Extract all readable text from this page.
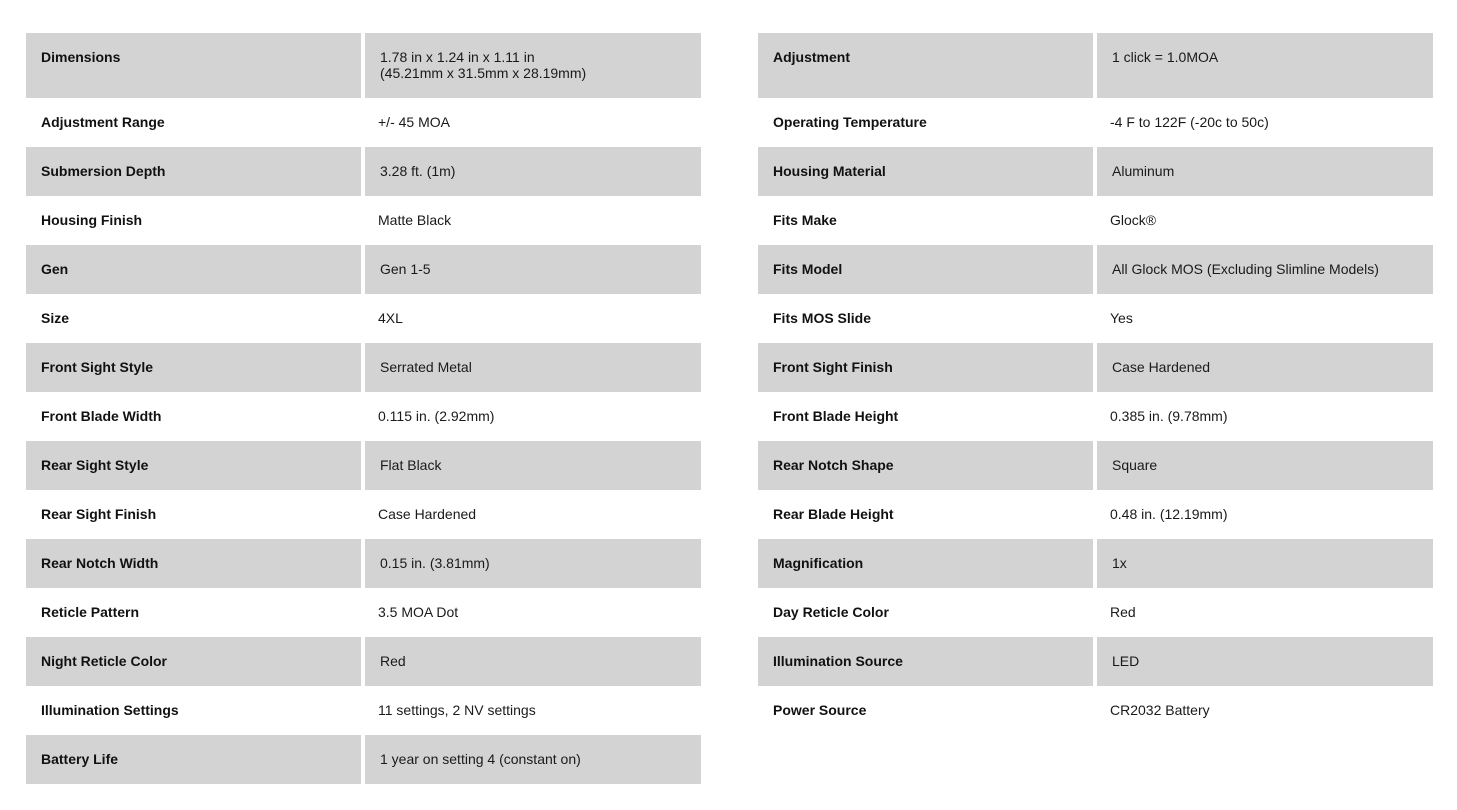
Dimensions	1.78 in x 1.24 in x 1.11 in
(45.21mm x 31.5mm x 28.19mm)

Adjustment Range	+/- 45 MOA
Submersion Depth	3.28 ft. (1m)
Housing Finish	Matte Black
Gen	Gen 1-5
Size	4XL
Front Sight Style	Serrated Metal
Front Blade Width	0.115 in. (2.92mm)
Rear Sight Style	Flat Black
Rear Sight Finish	Case Hardened
Rear Notch Width	0.15 in. (3.81mm)
Reticle Pattern	3.5 MOA Dot
Night Reticle Color	Red
Illumination Settings	11 settings, 2 NV settings
Battery Life	1 year on setting 4 (constant on)
Adjustment	1 click = 1.0MOA
Operating Temperature	-4 F to 122F (-20c to 50c)
Housing Material	Aluminum
Fits Make	Glock®
Fits Model	All Glock MOS (Excluding Slimline Models)
Fits MOS Slide	Yes
Front Sight Finish	Case Hardened
Front Blade Height	0.385 in. (9.78mm)
Rear Notch Shape	Square
Rear Blade Height	0.48 in. (12.19mm)
Magnification	1x
Day Reticle Color	Red
Illumination Source	LED
Power Source	CR2032 Battery
